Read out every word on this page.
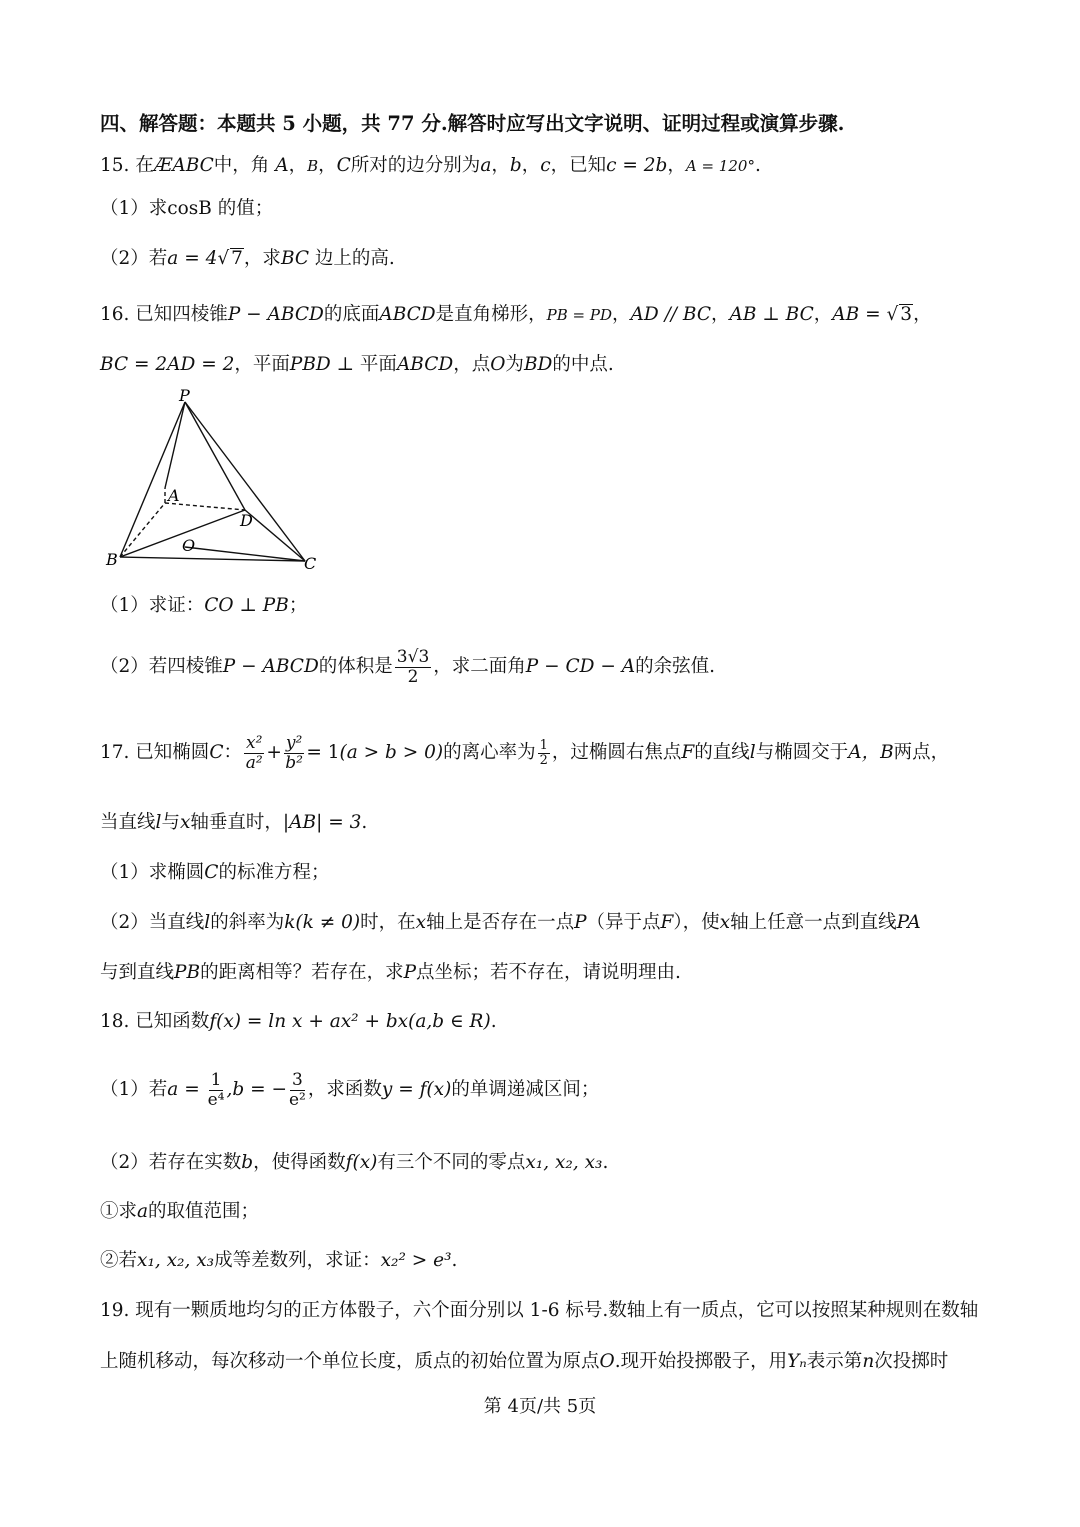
四、解答题：本题共 5 小题，共 77 分.解答时应写出文字说明、证明过程或演算步骤.
15. 在ÆABC中，角 A，B，C所对的边分别为a，b，c，已知c = 2b，A = 120°.
（1）求cosB 的值；
（2）若a = 4√ 7，求BC 边上的高.
16. 已知四棱锥P − ABCD的底面ABCD是直角梯形，PB = PD，AD // BC，AB ⊥ BC，AB = √ 3，
BC = 2AD = 2，平面PBD ⊥ 平面ABCD，点O为BD的中点.
P
A
D
O
B	C
（1）求证：CO ⊥ PB；
（2）若四棱锥P − ABCD的体积是 $\frac{3√3}{2}$ ，求二面角P − CD − A的余弦值.
17. 已知椭圆C： $\frac{\text{x²}}{\text{a²}} + \frac{\text{y²}}{\text{b²}} = 1(a > b > 0)$的离心率为 $\frac{1}{2}$ ，过椭圆右焦点F的直线l与椭圆交于A，B两点，
当直线l与x轴垂直时，|AB| = 3.
（1）求椭圆C的标准方程；
（2）当直线l的斜率为k(k ≠ 0)时，在x轴上是否存在一点P（异于点F），使x轴上任意一点到直线PA
与到直线PB的距离相等？若存在，求P点坐标；若不存在，请说明理由.
18. 已知函数f(x) = ln x + ax² + bx(a,b ∈ R).
（1）若$a = \frac{1}{\text{e⁴}} ,b$ = − $\frac{3}{\text{e²}}$ ，求函数y = f(x)的单调递减区间；
（2）若存在实数b，使得函数f(x)有三个不同的零点x₁, x₂, x₃.
①求a的取值范围；
②若x₁, x₂, x₃成等差数列，求证：x₂² > e³.
19. 现有一颗质地均匀的正方体骰子，六个面分别以 1-6 标号.数轴上有一质点，它可以按照某种规则在数轴
上随机移动，每次移动一个单位长度，质点的初始位置为原点O.现开始投掷骰子，用Yₙ表示第n次投掷时
第 4页/共 5页
